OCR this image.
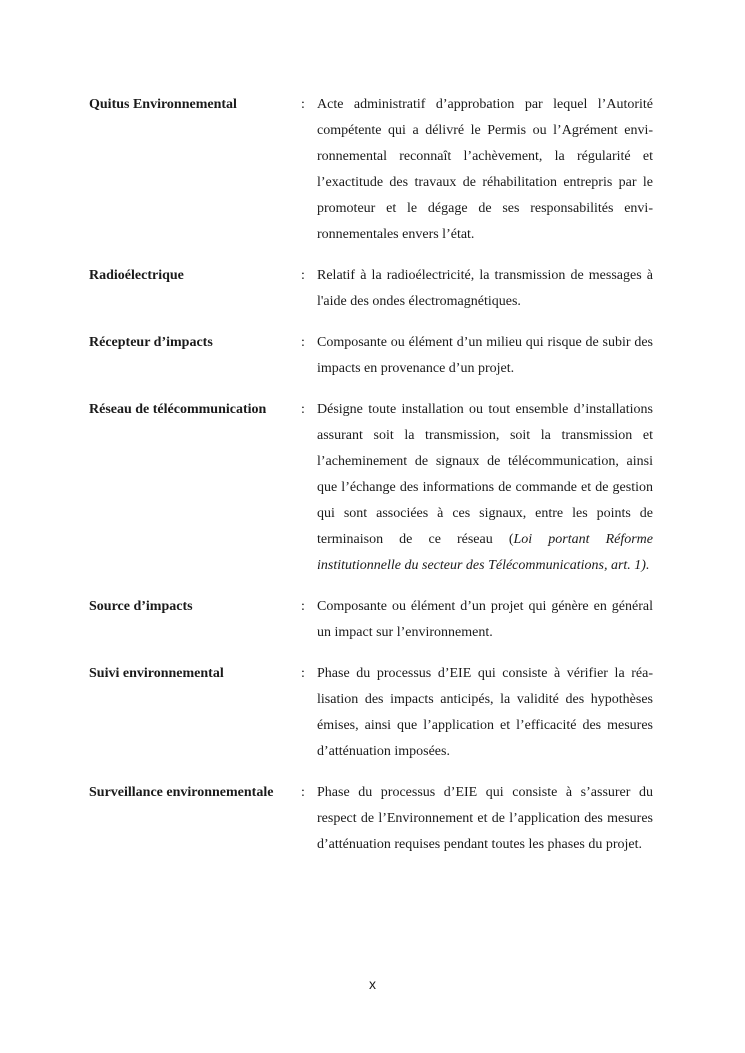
Quitus Environnemental	: Acte administratif d’approbation par lequel l’Autorité compétente qui a délivré le Permis ou l’Agrément environnemental reconnaît l’achèvement, la régularité et l’exactitude des travaux de réhabilitation entrepris par le promoteur et le dégage de ses responsabilités environnementales envers l’état.
Radioélectrique	: Relatif à la radioélectricité, la transmission de messages à l'aide des ondes électromagnétiques.
Récepteur d’impacts	: Composante ou élément d’un milieu qui risque de subir des impacts en provenance d’un projet.
Réseau de télécommunication	: Désigne toute installation ou tout ensemble d’installations assurant soit la transmission, soit la transmission et l’acheminement de signaux de télécommunication, ainsi que l’échange des informations de commande et de gestion qui sont associées à ces signaux, entre les points de terminaison de ce réseau (Loi portant Réforme institutionnelle du secteur des Télécommunications, art. 1).
Source d’impacts	: Composante ou élément d’un projet qui génère en général un impact sur l’environnement.
Suivi environnemental	: Phase du processus d’EIE qui consiste à vérifier la réalisation des impacts anticipés, la validité des hypothèses émises, ainsi que l’application et l’efficacité des mesures d’atténuation imposées.
Surveillance environnementale	: Phase du processus d’EIE qui consiste à s’assurer du respect de l’Environnement et de l’application des mesures d’atténuation requises pendant toutes les phases du projet.
x
